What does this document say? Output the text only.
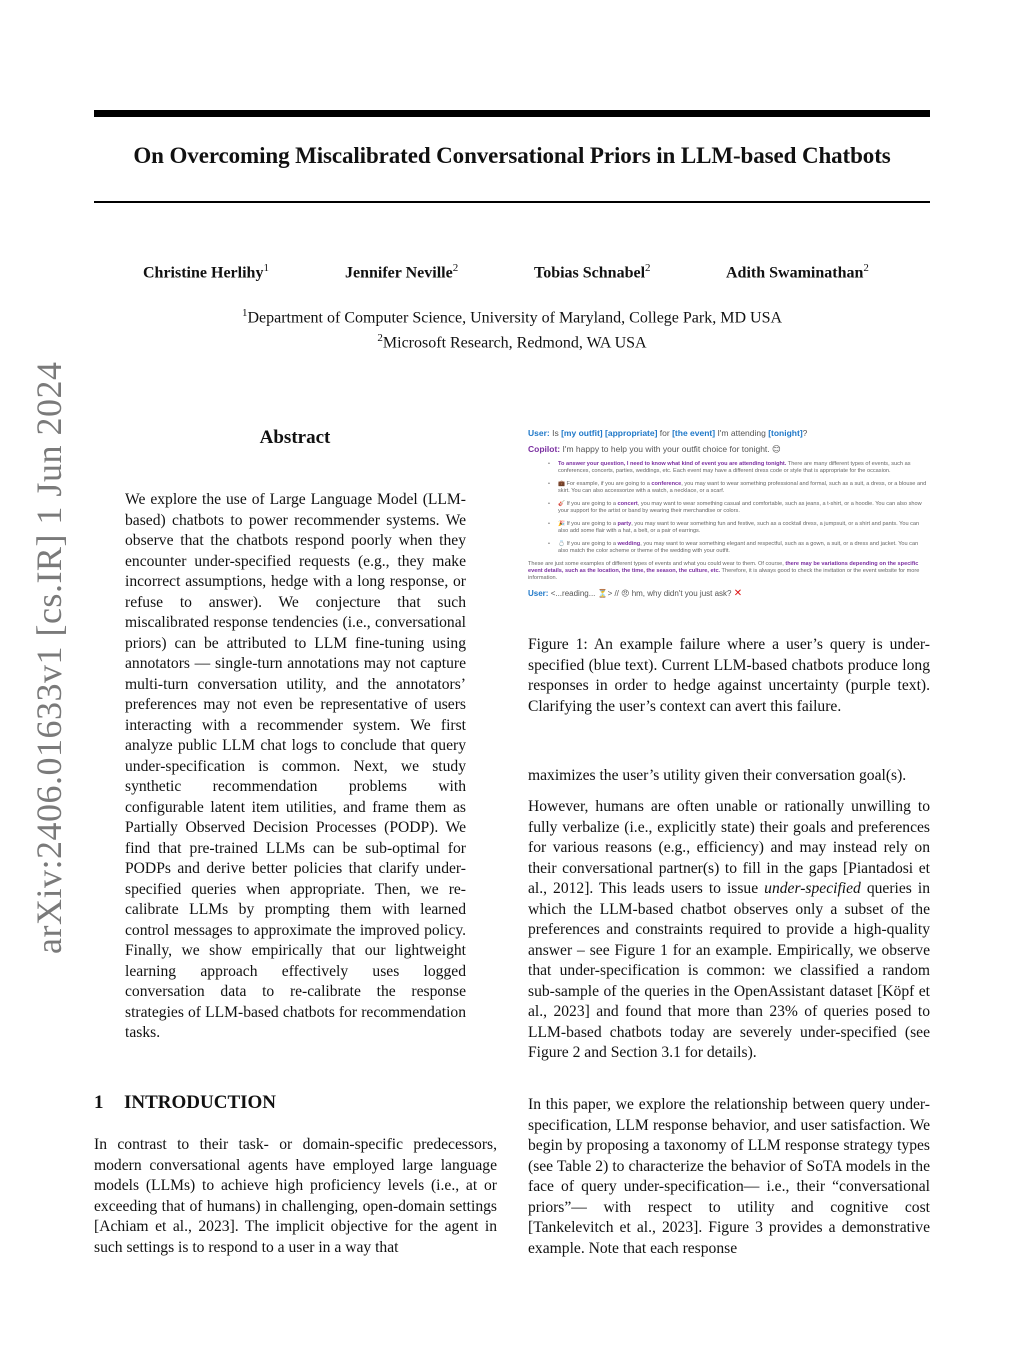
On Overcoming Miscalibrated Conversational Priors in LLM-based Chatbots
Christine Herlihy$^1$	Jennifer Neville$^2$	Tobias Schnabel$^2$	Adith Swaminathan$^2$
$^1$Department of Computer Science, University of Maryland, College Park, MD USA
$^2$Microsoft Research, Redmond, WA USA
arXiv:2406.01633v1 [cs.IR] 1 Jun 2024	Abstract
We explore the use of Large Language Model (LLM-based) chatbots to power recommender systems. We observe that the chatbots respond poorly when they encounter under-specified requests (e.g., they make incorrect assumptions, hedge with a long response, or refuse to answer). We conjecture that such miscalibrated response tendencies (i.e., conversational priors) can be attributed to LLM fine-tuning using annotators — single-turn annotations may not capture multi-turn conversation utility, and the annotators’ preferences may not even be representative of users interacting with a recommender system. We first analyze public LLM chat logs to conclude that query under-specification is common. Next, we study synthetic recommendation problems with configurable latent item utilities, and frame them as Partially Observed Decision Processes (PODP). We find that pre-trained LLMs can be sub-optimal for PODPs and derive better policies that clarify under-specified queries when appropriate. Then, we re-calibrate LLMs by prompting them with learned control messages to approximate the improved policy. Finally, we show empirically that our lightweight learning approach effectively uses logged conversation data to re-calibrate the response strategies of LLM-based chatbots for recommendation tasks.
1 INTRODUCTION
In contrast to their task- or domain-specific predecessors, modern conversational agents have employed large language models (LLMs) to achieve high proficiency levels (i.e., at or exceeding that of humans) in challenging, open-domain settings [Achiam et al., 2023]. The implicit objective for the agent in such settings is to respond to a user in a way that
User: Is [my outfit] [appropriate] for [the event] I'm attending [tonight]?
Copilot: I'm happy to help you with your outfit choice for tonight. 😊
• To answer your question, I need to know what kind of event you are attending tonight. There are many different types of events, such as conferences, concerts, parties, weddings, etc. Each event may have a different dress code or style that is appropriate for the occasion.
• 💼 For example, if you are going to a conference, you may want to wear something professional and formal, such as a suit, a dress, or a blouse and skirt. You can also accessorize with a watch, a necklace, or a scarf.
• 🎸 If you are going to a concert, you may want to wear something casual and comfortable, such as jeans, a t-shirt, or a hoodie. You can also show your support for the artist or band by wearing their merchandise or colors.
• 🎉 If you are going to a party, you may want to wear something fun and festive, such as a cocktail dress, a jumpsuit, or a shirt and pants. You can also add some flair with a hat, a belt, or a pair of earrings.
• 💍 If you are going to a wedding, you may want to wear something elegant and respectful, such as a gown, a suit, or a dress and jacket. You can also match the color scheme or theme of the wedding with your outfit.
These are just some examples of different types of events and what you could wear to them. Of course, there may be variations depending on the specific event details, such as the location, the time, the season, the culture, etc. Therefore, it is always good to check the invitation or the event website for more information.
User: <...reading... ⏳> // 😠 hm, why didn't you just ask? ✕
Figure 1: An example failure where a user’s query is under-specified (blue text). Current LLM-based chatbots produce long responses in order to hedge against uncertainty (purple text). Clarifying the user’s context can avert this failure.

maximizes the user’s utility given their conversation goal(s).

However, humans are often unable or rationally unwilling to fully verbalize (i.e., explicitly state) their goals and preferences for various reasons (e.g., efficiency) and may instead rely on their conversational partner(s) to fill in the gaps [Piantadosi et al., 2012]. This leads users to issue under-specified queries in which the LLM-based chatbot observes only a subset of the preferences and constraints required to provide a high-quality answer – see Figure 1 for an example. Empirically, we observe that under-specification is common: we classified a random sub-sample of the queries in the OpenAssistant dataset [Köpf et al., 2023] and found that more than 23% of queries posed to LLM-based chatbots today are severely under-specified (see Figure 2 and Section 3.1 for details).

In this paper, we explore the relationship between query under-specification, LLM response behavior, and user satisfaction. We begin by proposing a taxonomy of LLM response strategy types (see Table 2) to characterize the behavior of SoTA models in the face of query under-specification— i.e., their “conversational priors”— with respect to utility and cognitive cost [Tankelevitch et al., 2023]. Figure 3 provides a demonstrative example. Note that each response
